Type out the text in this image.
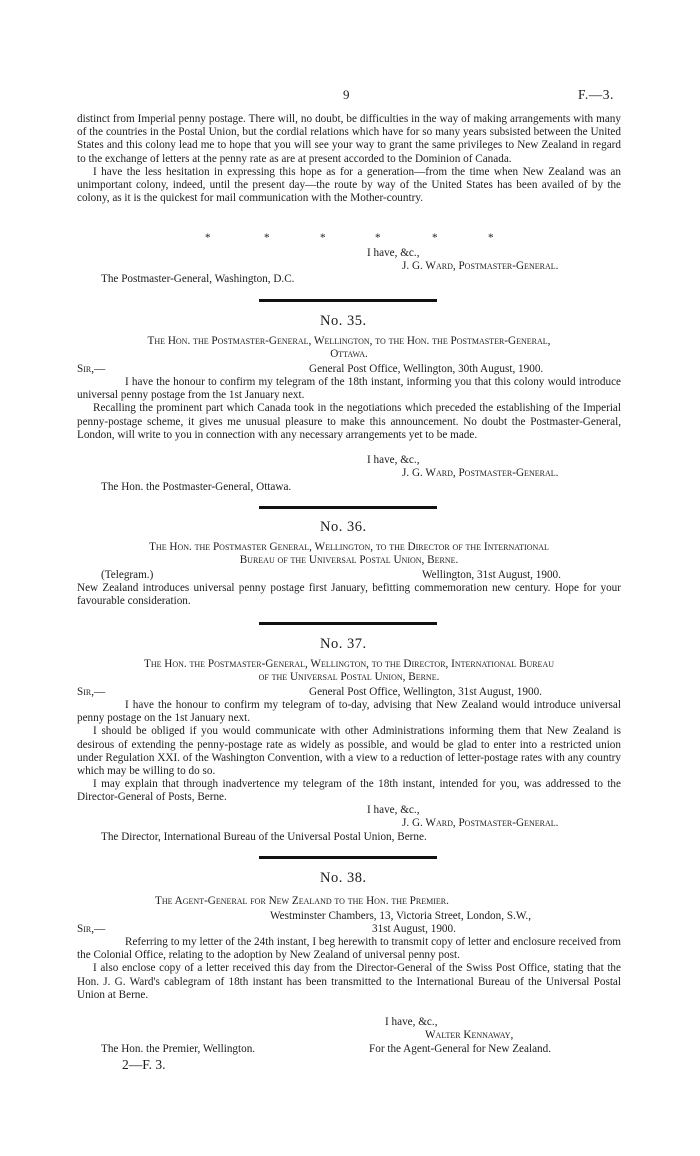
9	F.—3.

distinct from Imperial penny postage. There will, no doubt, be difficulties in the way of making arrangements with many of the countries in the Postal Union, but the cordial relations which have for so many years subsisted between the United States and this colony lead me to hope that you will see your way to grant the same privileges to New Zealand in regard to the exchange of letters at the penny rate as are at present accorded to the Dominion of Canada.

I have the less hesitation in expressing this hope as for a generation—from the time when New Zealand was an unimportant colony, indeed, until the present day—the route by way of the United States has been availed of by the colony, as it is the quickest for mail communication with the Mother-country.

*	*	*	*	*	*
I have, &c.,
J. G. Ward, Postmaster-General.
The Postmaster-General, Washington, D.C.
No. 35.
The Hon. the Postmaster-General, Wellington, to the Hon. the Postmaster-General,
Ottawa.
Sir,—	General Post Office, Wellington, 30th August, 1900.

I have the honour to confirm my telegram of the 18th instant, informing you that this colony would introduce universal penny postage from the 1st January next.

Recalling the prominent part which Canada took in the negotiations which preceded the establishing of the Imperial penny-postage scheme, it gives me unusual pleasure to make this announcement. No doubt the Postmaster-General, London, will write to you in connection with any necessary arrangements yet to be made.

I have, &c.,
J. G. Ward, Postmaster-General.
The Hon. the Postmaster-General, Ottawa.
No. 36.
The Hon. the Postmaster General, Wellington, to the Director of the International
Bureau of the Universal Postal Union, Berne.
(Telegram.)	Wellington, 31st August, 1900.

New Zealand introduces universal penny postage first January, befitting commemoration new century. Hope for your favourable consideration.

No. 37.
The Hon. the Postmaster-General, Wellington, to the Director, International Bureau
of the Universal Postal Union, Berne.
Sir,—	General Post Office, Wellington, 31st August, 1900.

I have the honour to confirm my telegram of to-day, advising that New Zealand would introduce universal penny postage on the 1st January next.

I should be obliged if you would communicate with other Administrations informing them that New Zealand is desirous of extending the penny-postage rate as widely as possible, and would be glad to enter into a restricted union under Regulation XXI. of the Washington Convention, with a view to a reduction of letter-postage rates with any country which may be willing to do so.

I may explain that through inadvertence my telegram of the 18th instant, intended for you, was addressed to the Director-General of Posts, Berne.

I have, &c.,
J. G. Ward, Postmaster-General.
The Director, International Bureau of the Universal Postal Union, Berne.
No. 38.
The Agent-General for New Zealand to the Hon. the Premier.
Westminster Chambers, 13, Victoria Street, London, S.W.,
Sir,—	31st August, 1900.

Referring to my letter of the 24th instant, I beg herewith to transmit copy of letter and enclosure received from the Colonial Office, relating to the adoption by New Zealand of universal penny post.

I also enclose copy of a letter received this day from the Director-General of the Swiss Post Office, stating that the Hon. J. G. Ward's cablegram of 18th instant has been transmitted to the International Bureau of the Universal Postal Union at Berne.

I have, &c.,
Walter Kennaway,
The Hon. the Premier, Wellington.	For the Agent-General for New Zealand.
2—F. 3.
